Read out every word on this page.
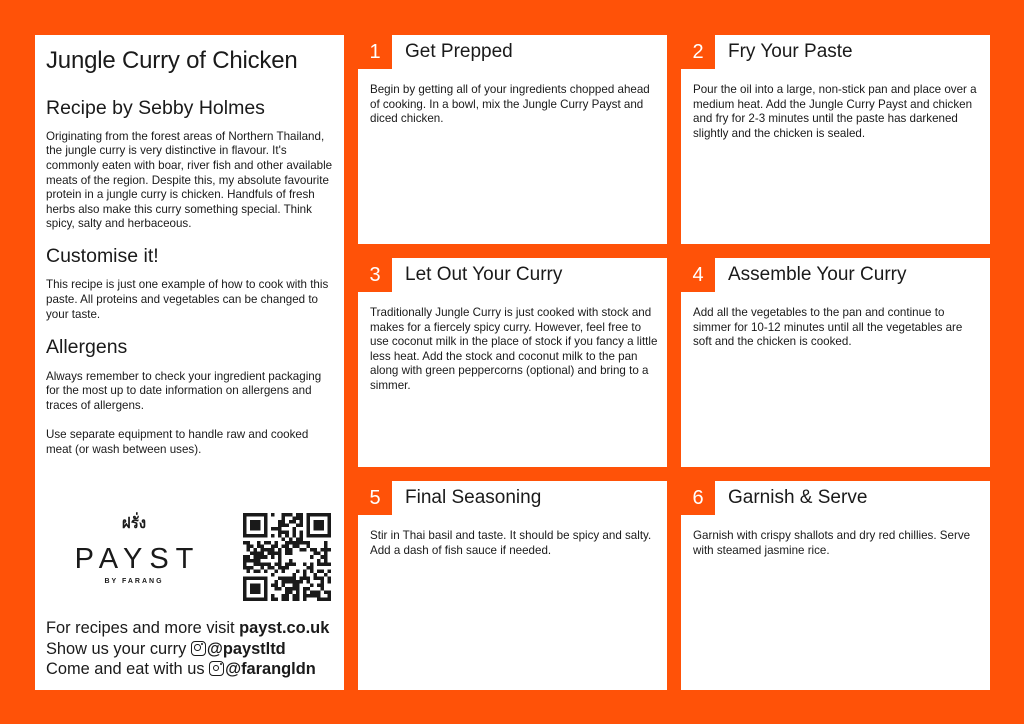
Jungle Curry of Chicken
Recipe by Sebby Holmes

Originating from the forest areas of Northern Thailand, the jungle curry is very distinctive in flavour. It's commonly eaten with boar, river fish and other available meats of the region. Despite this, my absolute favourite protein in a jungle curry is chicken. Handfuls of fresh herbs also make this curry something special. Think spicy, salty and herbaceous.

Customise it!

This recipe is just one example of how to cook with this paste. All proteins and vegetables can be changed to your taste.

Allergens

Always remember to check your ingredient packaging for the most up to date information on allergens and traces of allergens.

Use separate equipment to handle raw and cooked meat (or wash between uses).

ฝรั่ง
PAYST
BY FARANG
For recipes and more visit payst.co.uk
Show us your curry @paystltd
Come and eat with us @farangldn
1	Get Prepped
Begin by getting all of your ingredients chopped ahead of cooking. In a bowl, mix the Jungle Curry Payst and diced chicken.
2	Fry Your Paste
Pour the oil into a large, non-stick pan and place over a medium heat. Add the Jungle Curry Payst and chicken and fry for 2-3 minutes until the paste has darkened slightly and the chicken is sealed.
3	Let Out Your Curry
Traditionally Jungle Curry is just cooked with stock and makes for a fiercely spicy curry. However, feel free to use coconut milk in the place of stock if you fancy a little less heat. Add the stock and coconut milk to the pan along with green peppercorns (optional) and bring to a simmer.
4	Assemble Your Curry
Add all the vegetables to the pan and continue to simmer for 10-12 minutes until all the vegetables are soft and the chicken is cooked.
5	Final Seasoning
Stir in Thai basil and taste. It should be spicy and salty. Add a dash of fish sauce if needed.
6	Garnish & Serve
Garnish with crispy shallots and dry red chillies. Serve with steamed jasmine rice.
